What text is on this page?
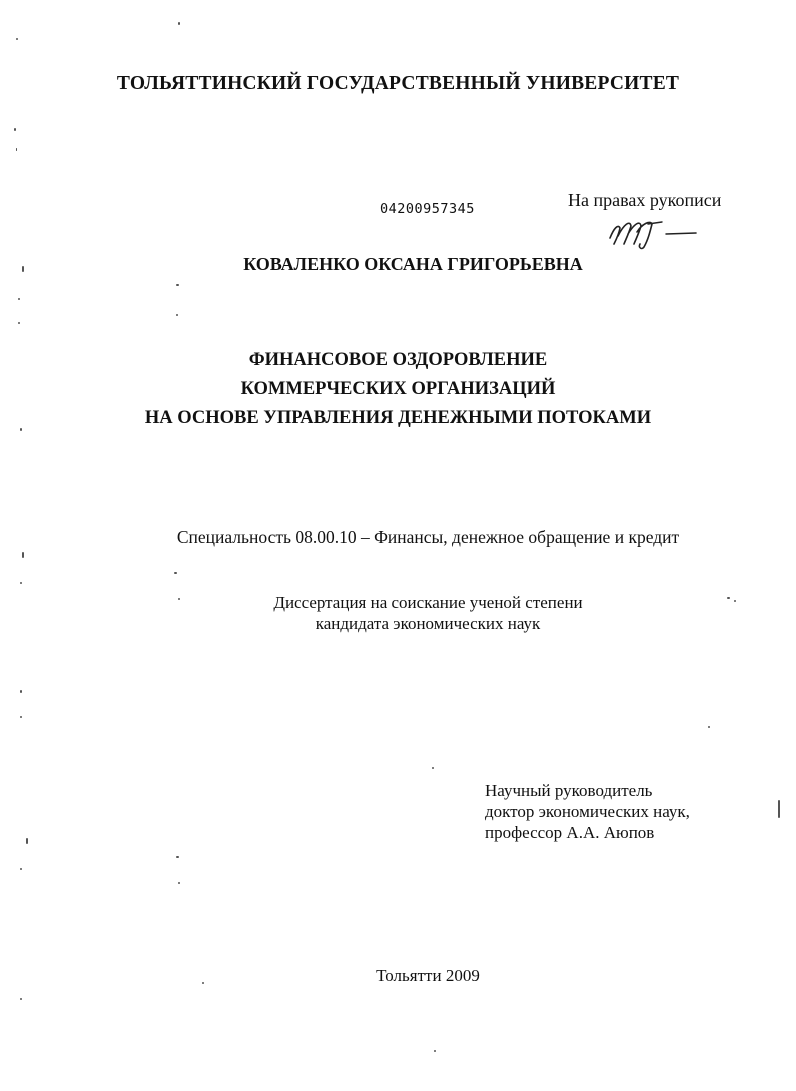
ТОЛЬЯТТИНСКИЙ ГОСУДАРСТВЕННЫЙ УНИВЕРСИТЕТ

04200957345	На правах рукописи

КОВАЛЕНКО ОКСАНА ГРИГОРЬЕВНА

ФИНАНСОВОЕ ОЗДОРОВЛЕНИЕ
КОММЕРЧЕСКИХ ОРГАНИЗАЦИЙ
НА ОСНОВЕ УПРАВЛЕНИЯ ДЕНЕЖНЫМИ ПОТОКАМИ

Специальность 08.00.10 – Финансы, денежное обращение и кредит

Диссертация на соискание ученой степени
кандидата экономических наук
Научный руководитель
доктор экономических наук,
профессор А.А. Аюпов

Тольятти 2009
